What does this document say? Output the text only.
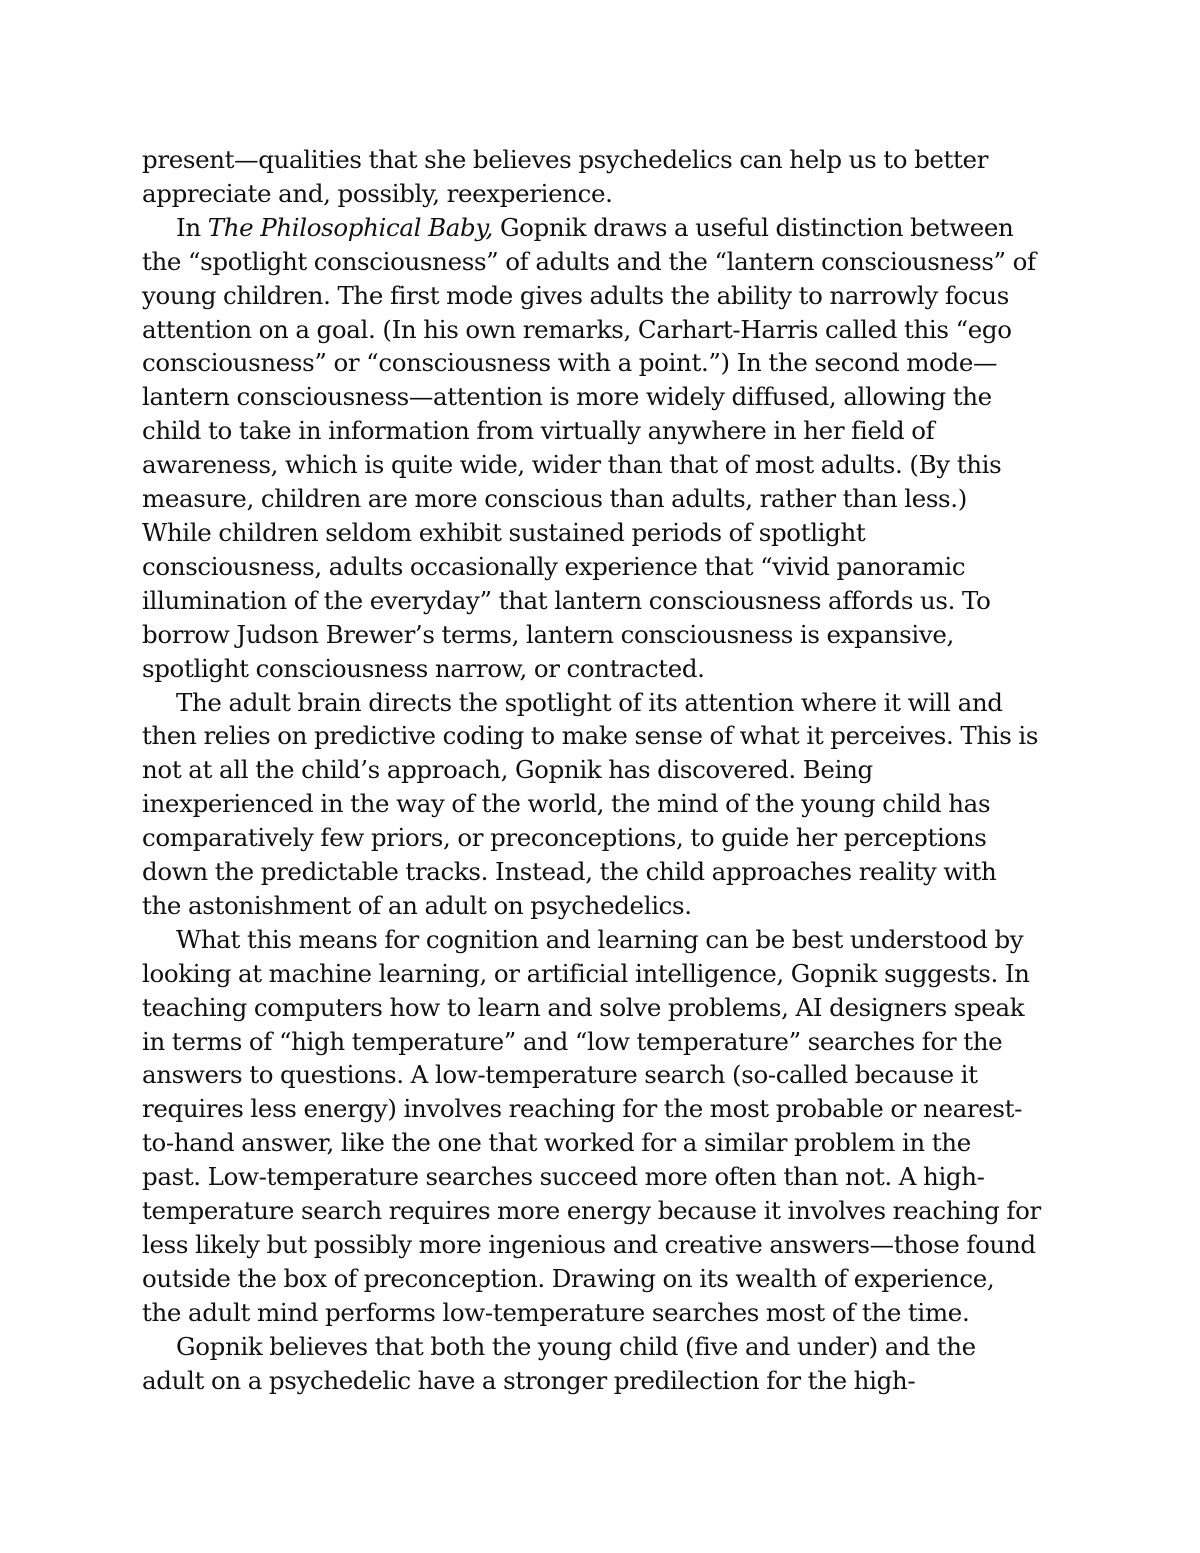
present—qualities that she believes psychedelics can help us to better
appreciate and, possibly, reexperience.
In The Philosophical Baby, Gopnik draws a useful distinction between
the “spotlight consciousness” of adults and the “lantern consciousness” of
young children. The first mode gives adults the ability to narrowly focus
attention on a goal. (In his own remarks, Carhart-Harris called this “ego
consciousness” or “consciousness with a point.”) In the second mode—
lantern consciousness—attention is more widely diffused, allowing the
child to take in information from virtually anywhere in her field of
awareness, which is quite wide, wider than that of most adults. (By this
measure, children are more conscious than adults, rather than less.)
While children seldom exhibit sustained periods of spotlight
consciousness, adults occasionally experience that “vivid panoramic
illumination of the everyday” that lantern consciousness affords us. To
borrow Judson Brewer’s terms, lantern consciousness is expansive,
spotlight consciousness narrow, or contracted.
The adult brain directs the spotlight of its attention where it will and
then relies on predictive coding to make sense of what it perceives. This is
not at all the child’s approach, Gopnik has discovered. Being
inexperienced in the way of the world, the mind of the young child has
comparatively few priors, or preconceptions, to guide her perceptions
down the predictable tracks. Instead, the child approaches reality with
the astonishment of an adult on psychedelics.
What this means for cognition and learning can be best understood by
looking at machine learning, or artificial intelligence, Gopnik suggests. In
teaching computers how to learn and solve problems, AI designers speak
in terms of “high temperature” and “low temperature” searches for the
answers to questions. A low-temperature search (so-called because it
requires less energy) involves reaching for the most probable or nearest-
to-hand answer, like the one that worked for a similar problem in the
past. Low-temperature searches succeed more often than not. A high-
temperature search requires more energy because it involves reaching for
less likely but possibly more ingenious and creative answers—those found
outside the box of preconception. Drawing on its wealth of experience,
the adult mind performs low-temperature searches most of the time.
Gopnik believes that both the young child (five and under) and the
adult on a psychedelic have a stronger predilection for the high-
